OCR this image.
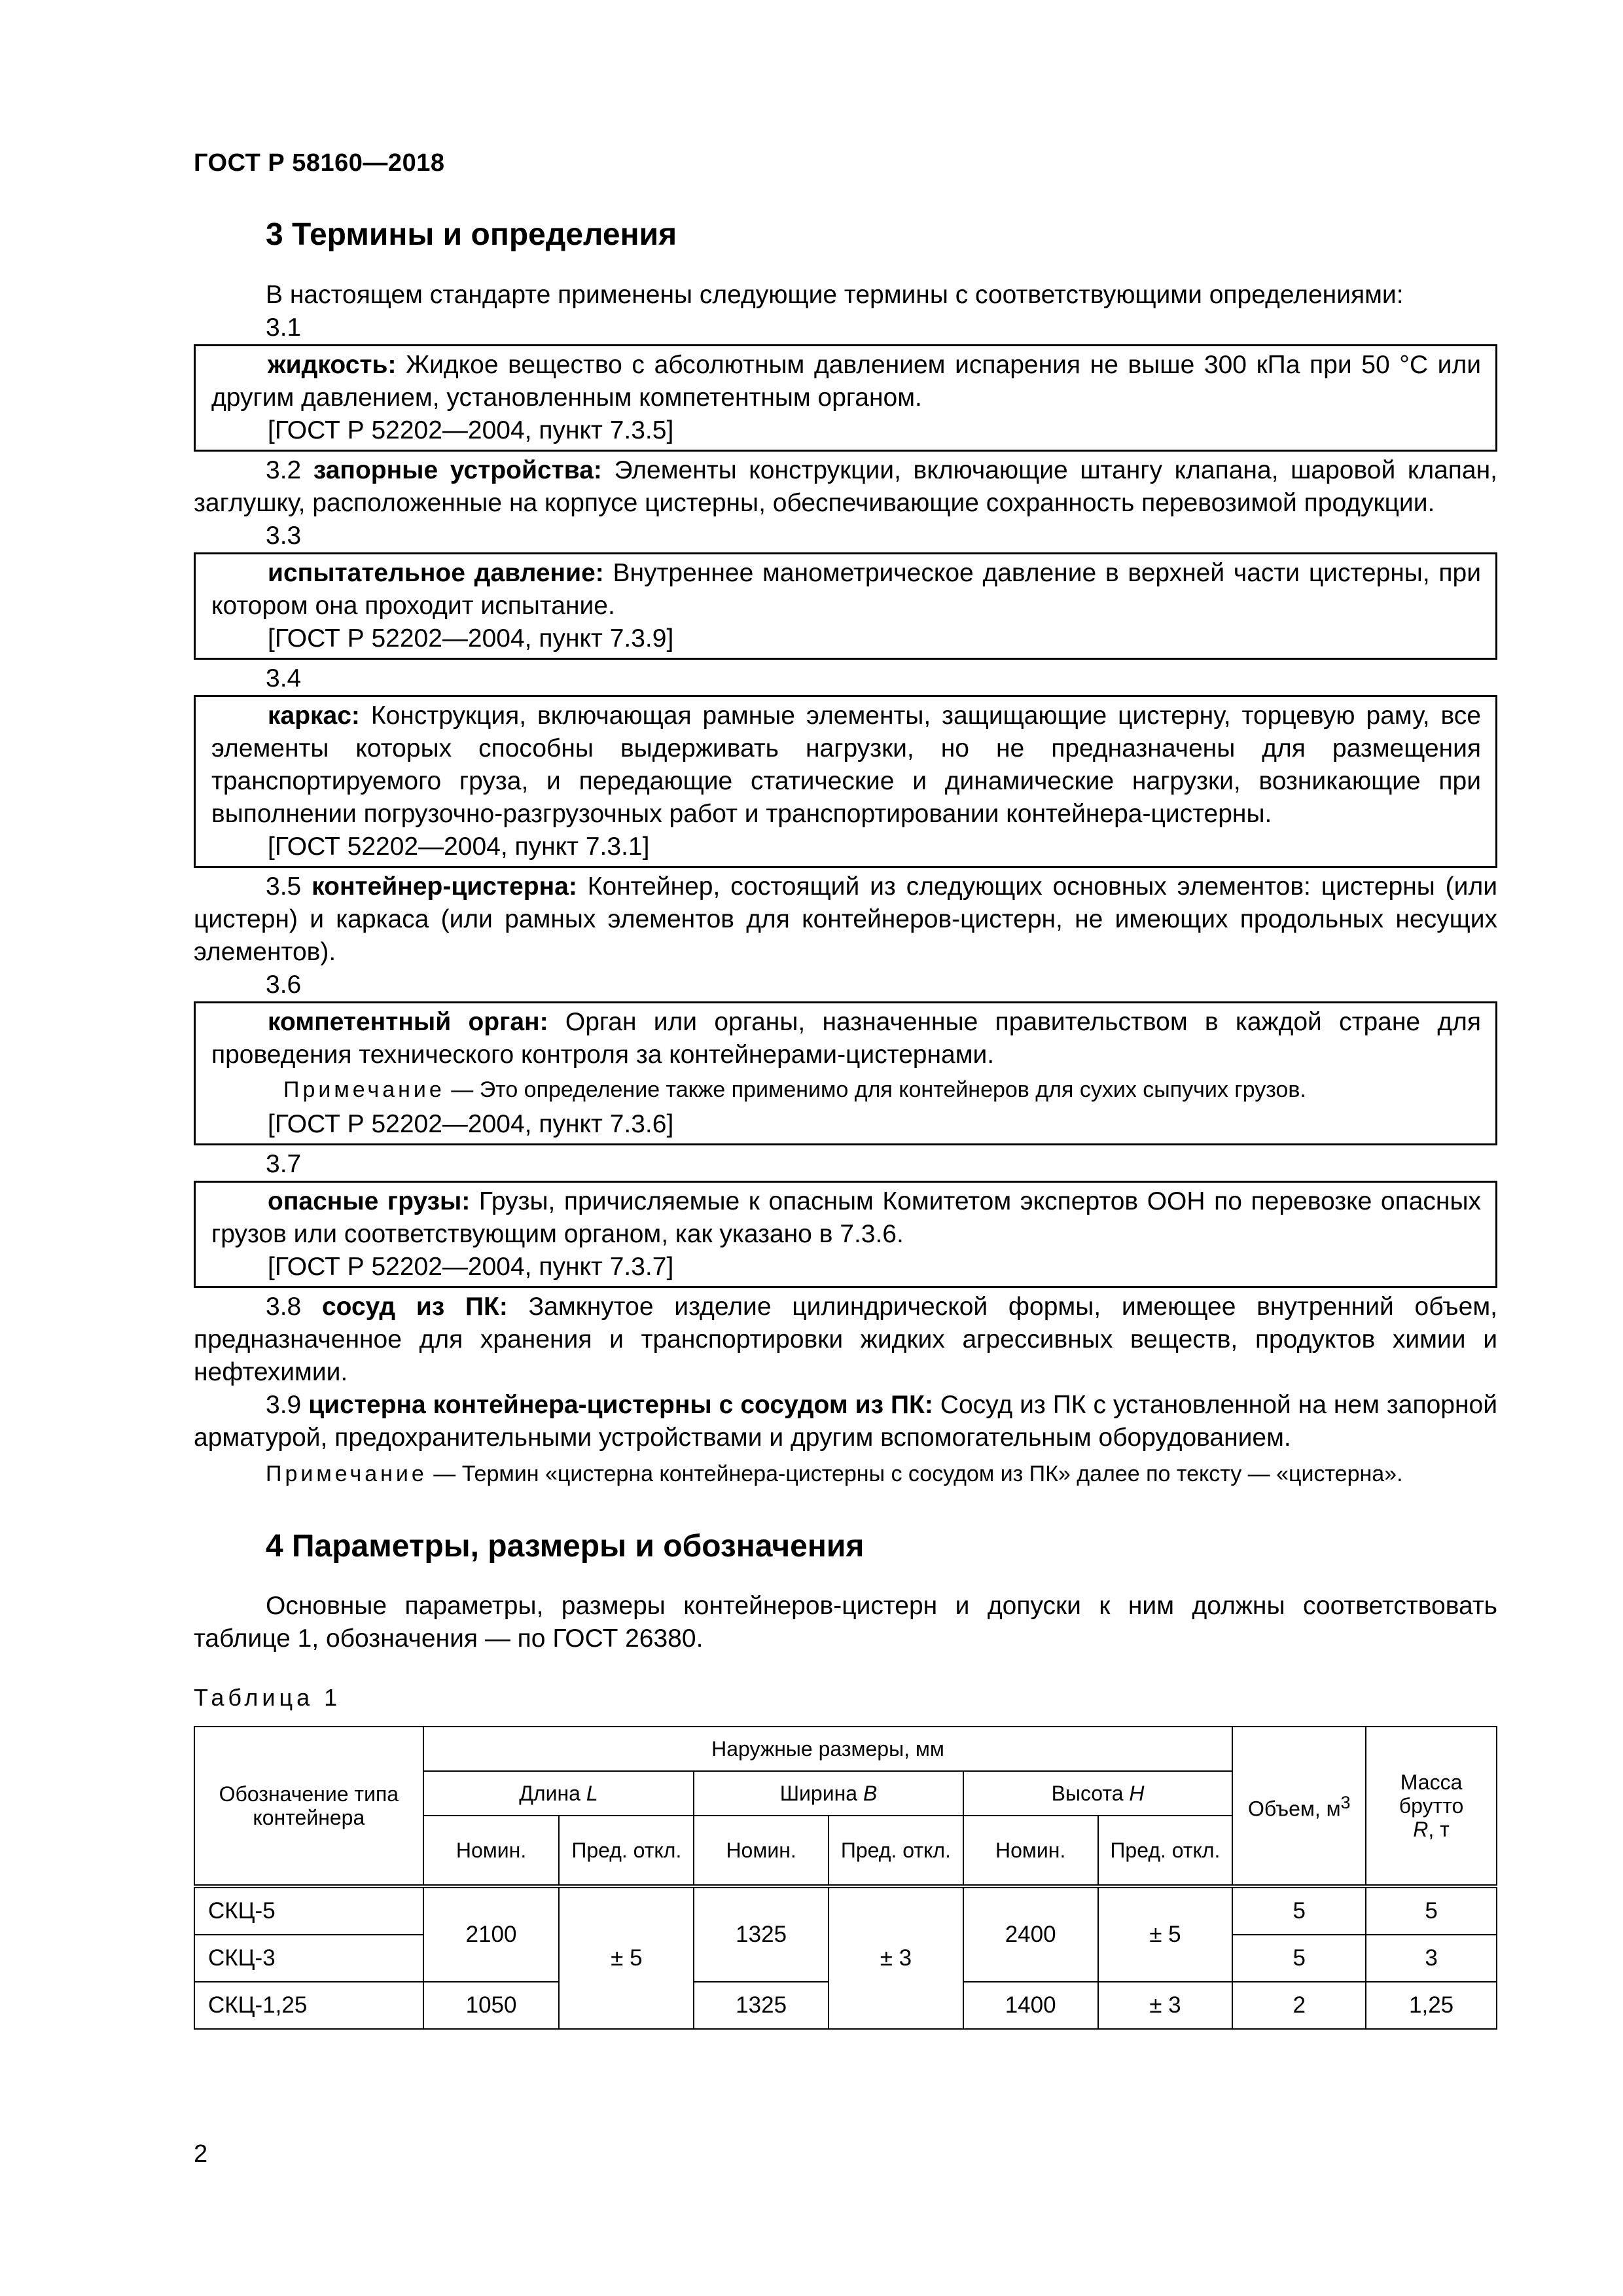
ГОСТ Р 58160—2018
3 Термины и определения

В настоящем стандарте применены следующие термины с соответствующими определениями:

3.1

жидкость: Жидкое вещество с абсолютным давлением испарения не выше 300 кПа при 50 °С или другим давлением, установленным компетентным органом.

[ГОСТ Р 52202—2004, пункт 7.3.5]

3.2 запорные устройства: Элементы конструкции, включающие штангу клапана, шаровой клапан, заглушку, расположенные на корпусе цистерны, обеспечивающие сохранность перевозимой продукции.

3.3

испытательное давление: Внутреннее манометрическое давление в верхней части цистерны, при котором она проходит испытание.

[ГОСТ Р 52202—2004, пункт 7.3.9]

3.4

каркас: Конструкция, включающая рамные элементы, защищающие цистерну, торцевую раму, все элементы которых способны выдерживать нагрузки, но не предназначены для размещения транспортируемого груза, и передающие статические и динамические нагрузки, возникающие при выполнении погрузочно-разгрузочных работ и транспортировании контейнера-цистерны.

[ГОСТ 52202—2004, пункт 7.3.1]

3.5 контейнер-цистерна: Контейнер, состоящий из следующих основных элементов: цистерны (или цистерн) и каркаса (или рамных элементов для контейнеров-цистерн, не имеющих продольных несущих элементов).

3.6

компетентный орган: Орган или органы, назначенные правительством в каждой стране для проведения технического контроля за контейнерами-цистернами.

Примечание — Это определение также применимо для контейнеров для сухих сыпучих грузов.

[ГОСТ Р 52202—2004, пункт 7.3.6]

3.7

опасные грузы: Грузы, причисляемые к опасным Комитетом экспертов ООН по перевозке опасных грузов или соответствующим органом, как указано в 7.3.6.

[ГОСТ Р 52202—2004, пункт 7.3.7]

3.8 сосуд из ПК: Замкнутое изделие цилиндрической формы, имеющее внутренний объем, предназначенное для хранения и транспортировки жидких агрессивных веществ, продуктов химии и нефтехимии.

3.9 цистерна контейнера-цистерны с сосудом из ПК: Сосуд из ПК с установленной на нем запорной арматурой, предохранительными устройствами и другим вспомогательным оборудованием.

Примечание — Термин «цистерна контейнера-цистерны с сосудом из ПК» далее по тексту — «цистерна».

4 Параметры, размеры и обозначения

Основные параметры, размеры контейнеров-цистерн и допуски к ним должны соответствовать таблице 1, обозначения — по ГОСТ 26380.

Таблица 1
Обозначение типа контейнера	Наружные размеры, мм						Объем, $м^3$	Масса брутто
R, т
	Длина L		Ширина B		Высота H			
	Номин.	Пред. откл.	Номин.	Пред. откл.	Номин.	Пред. откл.		
СКЦ-5	2100	± 5	1325	± 3	2400	± 5	5	5
СКЦ-3							5	3
СКЦ-1,25	1050		1325		1400	± 3	2	1,25
2
